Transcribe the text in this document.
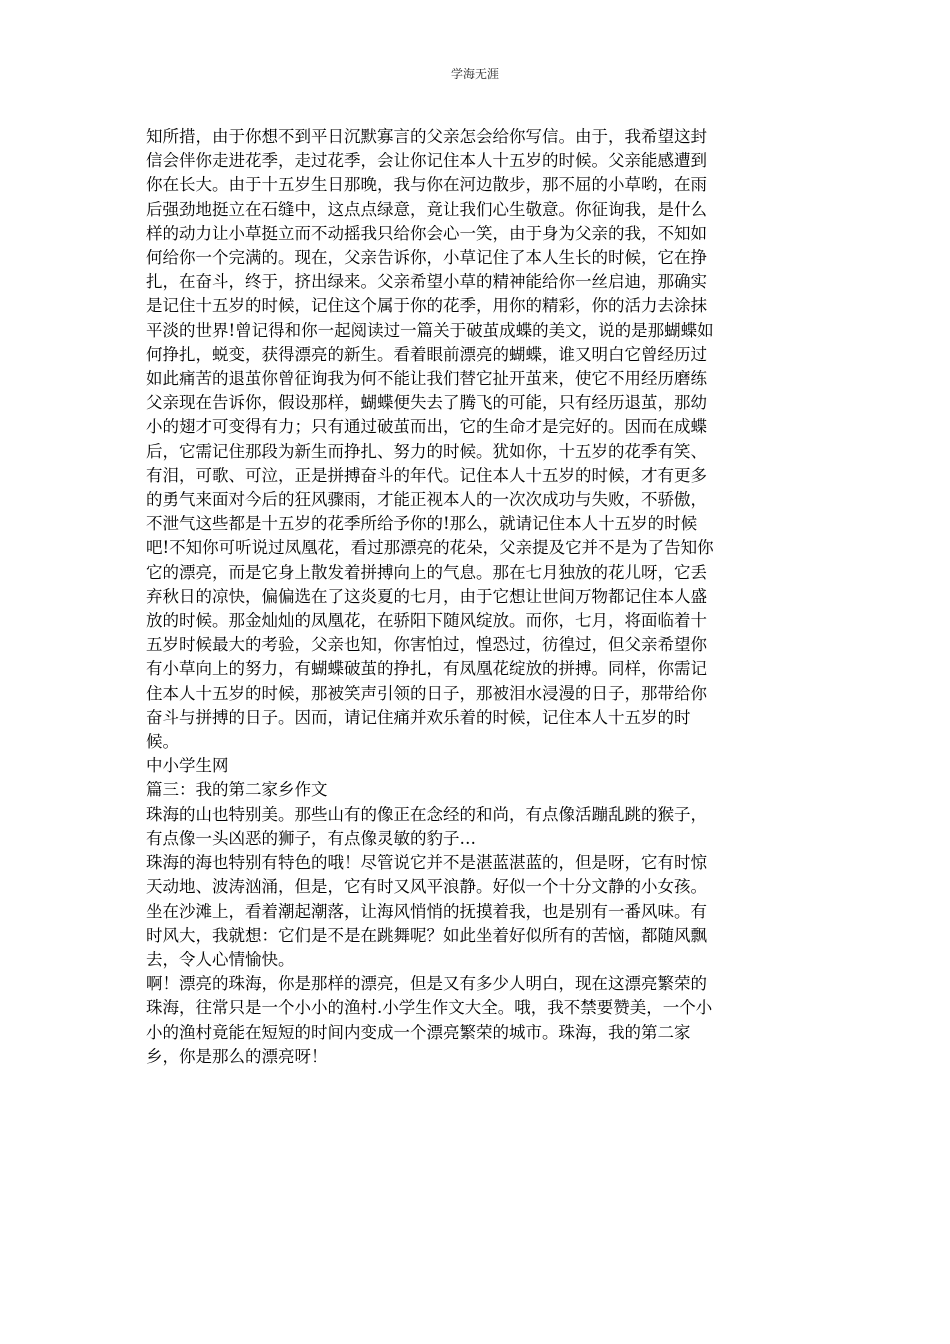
学海无涯

知所措，由于你想不到平日沉默寡言的父亲怎会给你写信。由于，我希望这封
信会伴你走进花季，走过花季，会让你记住本人十五岁的时候。父亲能感遭到
你在长大。由于十五岁生日那晚，我与你在河边散步，那不屈的小草哟，在雨
后强劲地挺立在石缝中，这点点绿意，竟让我们心生敬意。你征询我，是什么
样的动力让小草挺立而不动摇我只给你会心一笑，由于身为父亲的我，不知如
何给你一个完满的。现在，父亲告诉你，小草记住了本人生长的时候，它在挣
扎，在奋斗，终于，挤出绿来。父亲希望小草的精神能给你一丝启迪，那确实
是记住十五岁的时候，记住这个属于你的花季，用你的精彩，你的活力去涂抹
平淡的世界!曾记得和你一起阅读过一篇关于破茧成蝶的美文，说的是那蝴蝶如
何挣扎，蜕变，获得漂亮的新生。看着眼前漂亮的蝴蝶，谁又明白它曾经历过
如此痛苦的退茧你曾征询我为何不能让我们替它扯开茧来，使它不用经历磨练
父亲现在告诉你，假设那样，蝴蝶便失去了腾飞的可能，只有经历退茧，那幼
小的翅才可变得有力；只有通过破茧而出，它的生命才是完好的。因而在成蝶
后，它需记住那段为新生而挣扎、努力的时候。犹如你，十五岁的花季有笑、
有泪，可歌、可泣，正是拼搏奋斗的年代。记住本人十五岁的时候，才有更多
的勇气来面对今后的狂风骤雨，才能正视本人的一次次成功与失败，不骄傲，
不泄气这些都是十五岁的花季所给予你的!那么，就请记住本人十五岁的时候
吧!不知你可听说过凤凰花，看过那漂亮的花朵，父亲提及它并不是为了告知你
它的漂亮，而是它身上散发着拼搏向上的气息。那在七月独放的花儿呀，它丢
弃秋日的凉快，偏偏选在了这炎夏的七月，由于它想让世间万物都记住本人盛
放的时候。那金灿灿的凤凰花，在骄阳下随风绽放。而你，七月，将面临着十
五岁时候最大的考验，父亲也知，你害怕过，惶恐过，彷徨过，但父亲希望你
有小草向上的努力，有蝴蝶破茧的挣扎，有凤凰花绽放的拼搏。同样，你需记
住本人十五岁的时候，那被笑声引领的日子，那被泪水浸漫的日子，那带给你
奋斗与拼搏的日子。因而，请记住痛并欢乐着的时候，记住本人十五岁的时
候。

中小学生网

篇三：我的第二家乡作文

珠海的山也特别美。那些山有的像正在念经的和尚，有点像活蹦乱跳的猴子，
有点像一头凶恶的狮子，有点像灵敏的豹子…

珠海的海也特别有特色的哦！尽管说它并不是湛蓝湛蓝的，但是呀，它有时惊
天动地、波涛汹涌，但是，它有时又风平浪静。好似一个十分文静的小女孩。
坐在沙滩上，看着潮起潮落，让海风悄悄的抚摸着我，也是别有一番风味。有
时风大，我就想：它们是不是在跳舞呢？如此坐着好似所有的苦恼，都随风飘
去，令人心情愉快。

啊！漂亮的珠海，你是那样的漂亮，但是又有多少人明白，现在这漂亮繁荣的
珠海，往常只是一个小小的渔村.小学生作文大全。哦，我不禁要赞美，一个小
小的渔村竟能在短短的时间内变成一个漂亮繁荣的城市。珠海，我的第二家
乡，你是那么的漂亮呀！
